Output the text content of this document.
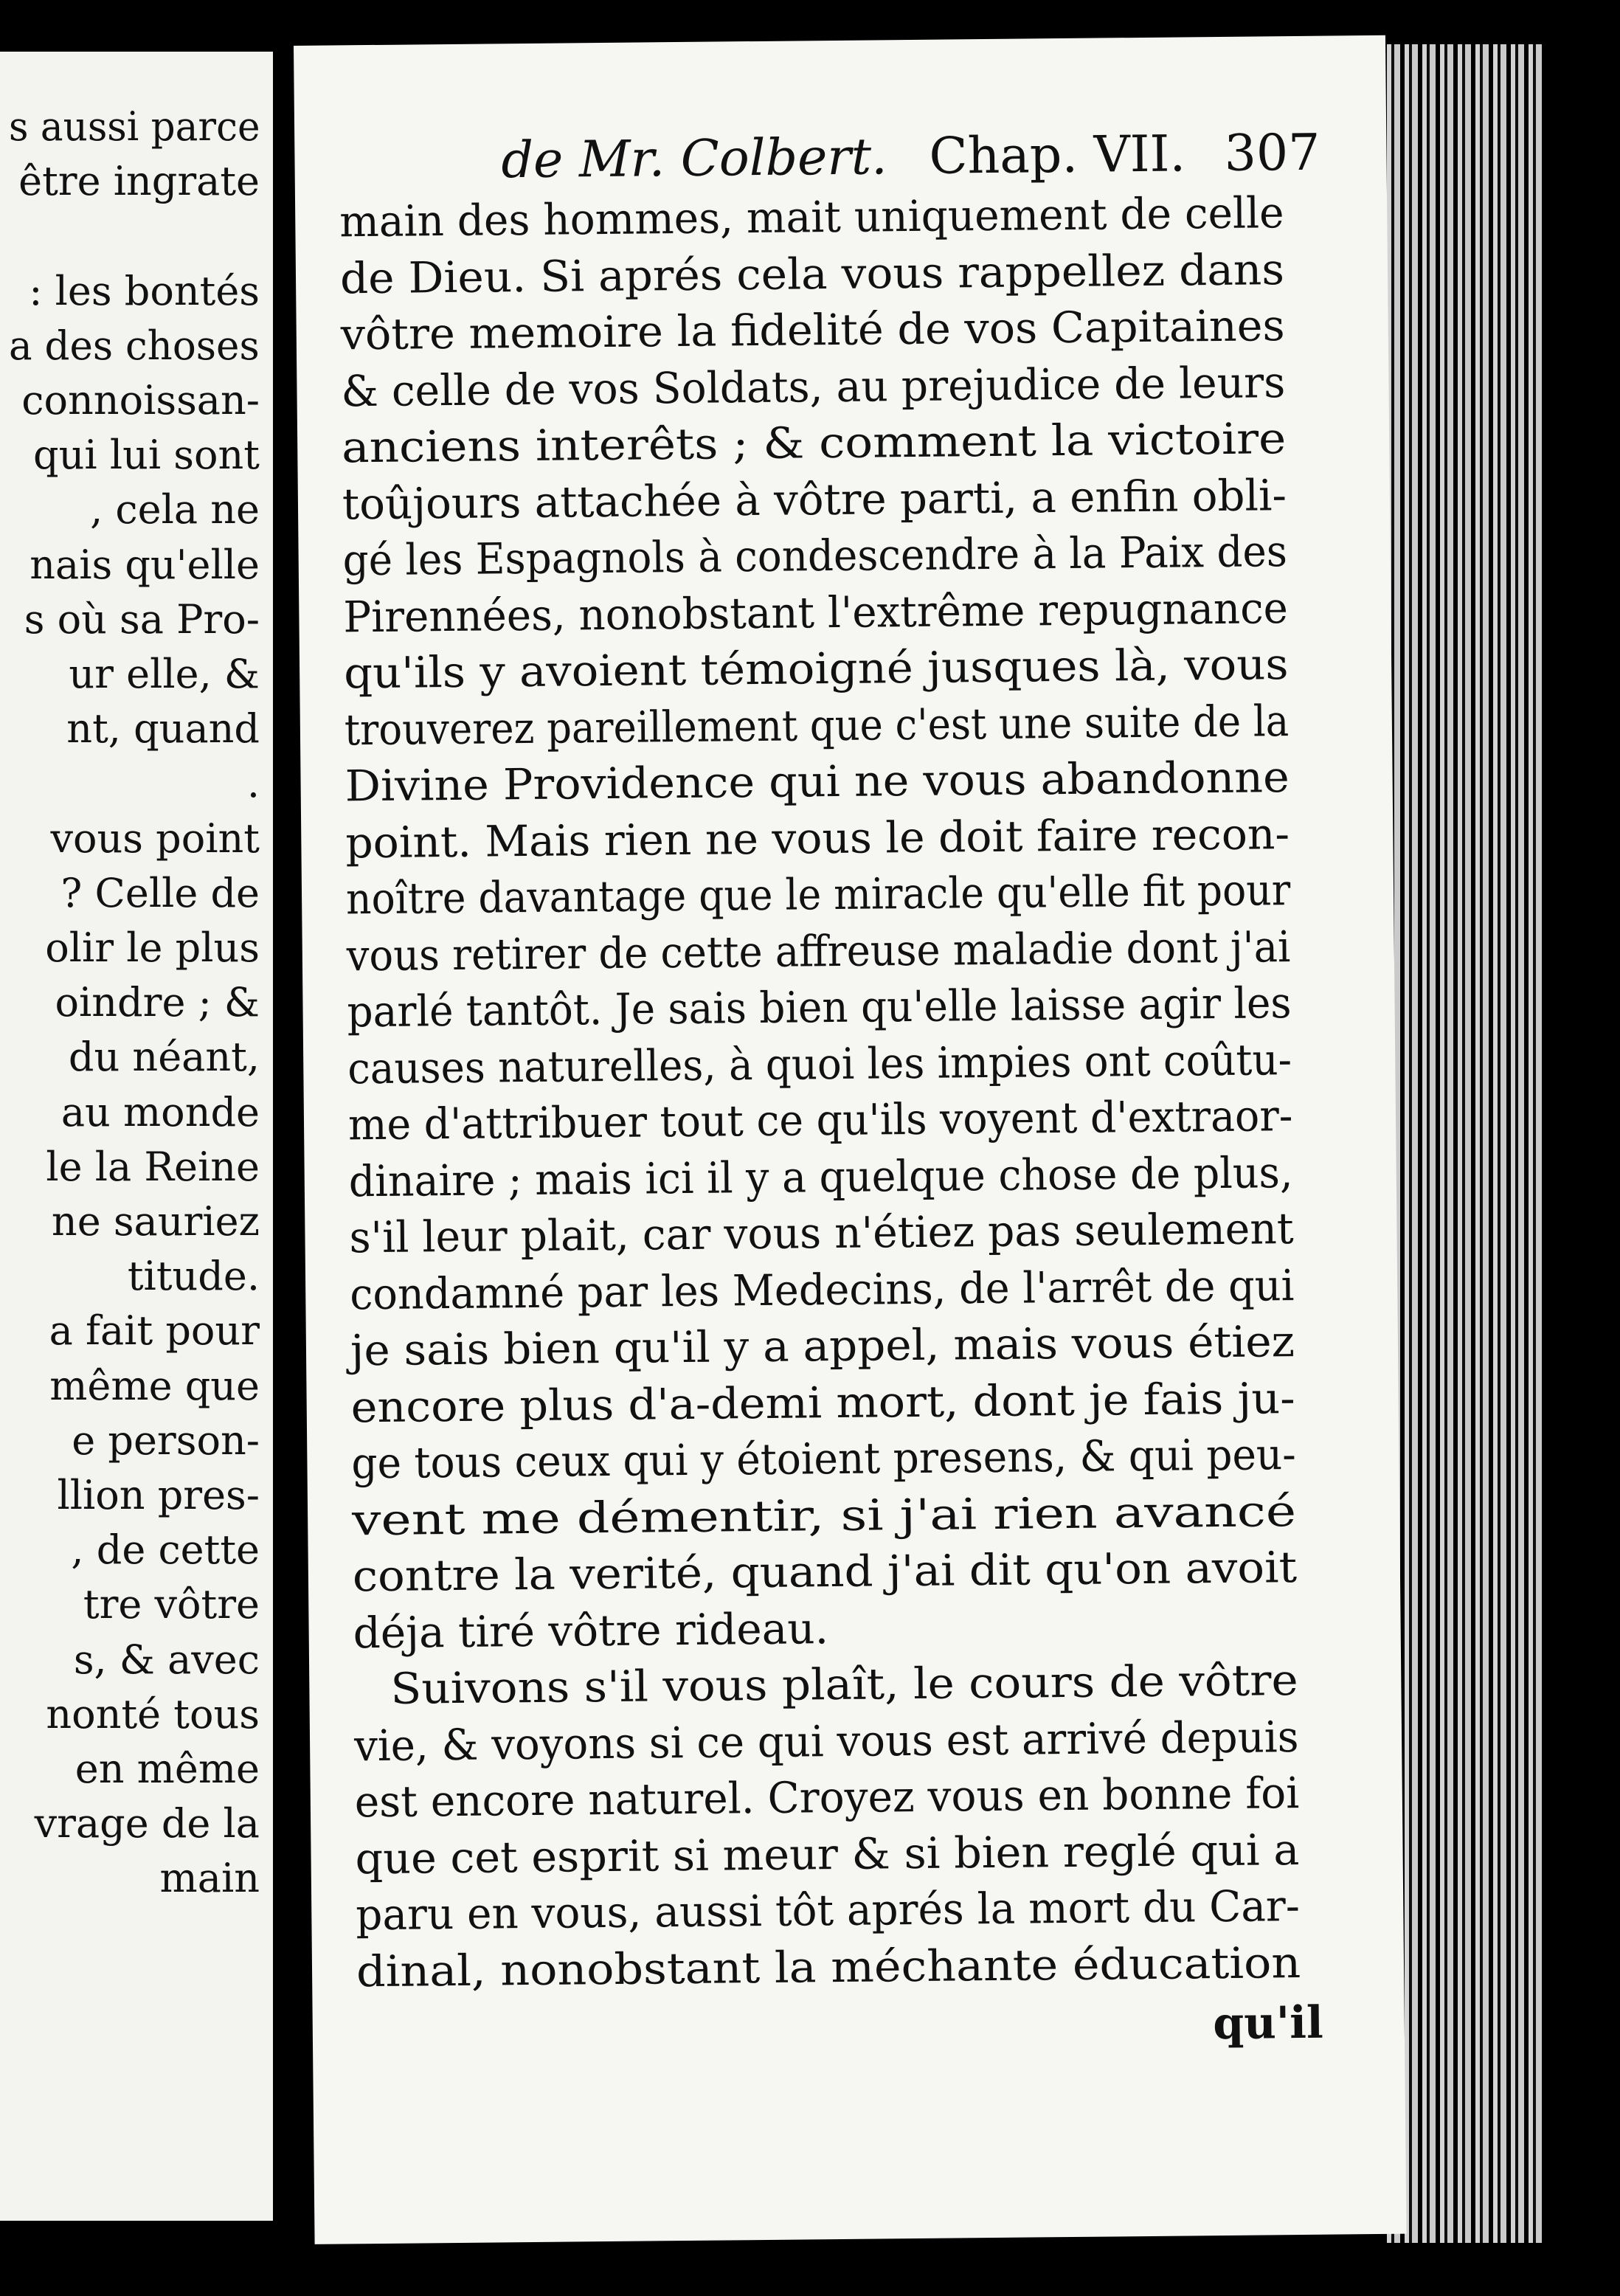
s aussi parce
être ingrate
: les bontés
a des choses
connoissan-
qui lui sont
, cela ne
nais qu'elle
s où sa Pro-
ur elle, &
nt, quand
.
vous point
? Celle de
olir le plus
oindre ; &
du néant,
au monde
le la Reine
ne sauriez
titude.
a fait pour
même que
e person-
llion pres-
, de cette
tre vôtre
s, & avec
nonté tous
en même
vrage de la
main
de Mr. Colbert. Chap. VII. 307
qu'il
main des hommes, mait uniquement de celle
de Dieu. Si aprés cela vous rappellez dans
vôtre memoire la fidelité de vos Capitaines
& celle de vos Soldats, au prejudice de leurs
anciens interêts ; & comment la victoire
toûjours attachée à vôtre parti, a enfin obli-
gé les Espagnols à condescendre à la Paix des
Pirennées, nonobstant l'extrême repugnance
qu'ils y avoient témoigné jusques là, vous
trouverez pareillement que c'est une suite de la
Divine Providence qui ne vous abandonne
point. Mais rien ne vous le doit faire recon-
noître davantage que le miracle qu'elle fit pour
vous retirer de cette affreuse maladie dont j'ai
parlé tantôt. Je sais bien qu'elle laisse agir les
causes naturelles, à quoi les impies ont coûtu-
me d'attribuer tout ce qu'ils voyent d'extraor-
dinaire ; mais ici il y a quelque chose de plus,
s'il leur plait, car vous n'étiez pas seulement
condamné par les Medecins, de l'arrêt de qui
je sais bien qu'il y a appel, mais vous étiez
encore plus d'a-demi mort, dont je fais ju-
ge tous ceux qui y étoient presens, & qui peu-
vent me démentir, si j'ai rien avancé
contre la verité, quand j'ai dit qu'on avoit
déja tiré vôtre rideau.
Suivons s'il vous plaît, le cours de vôtre
vie, & voyons si ce qui vous est arrivé depuis
est encore naturel. Croyez vous en bonne foi
que cet esprit si meur & si bien reglé qui a
paru en vous, aussi tôt aprés la mort du Car-
dinal, nonobstant la méchante éducation
